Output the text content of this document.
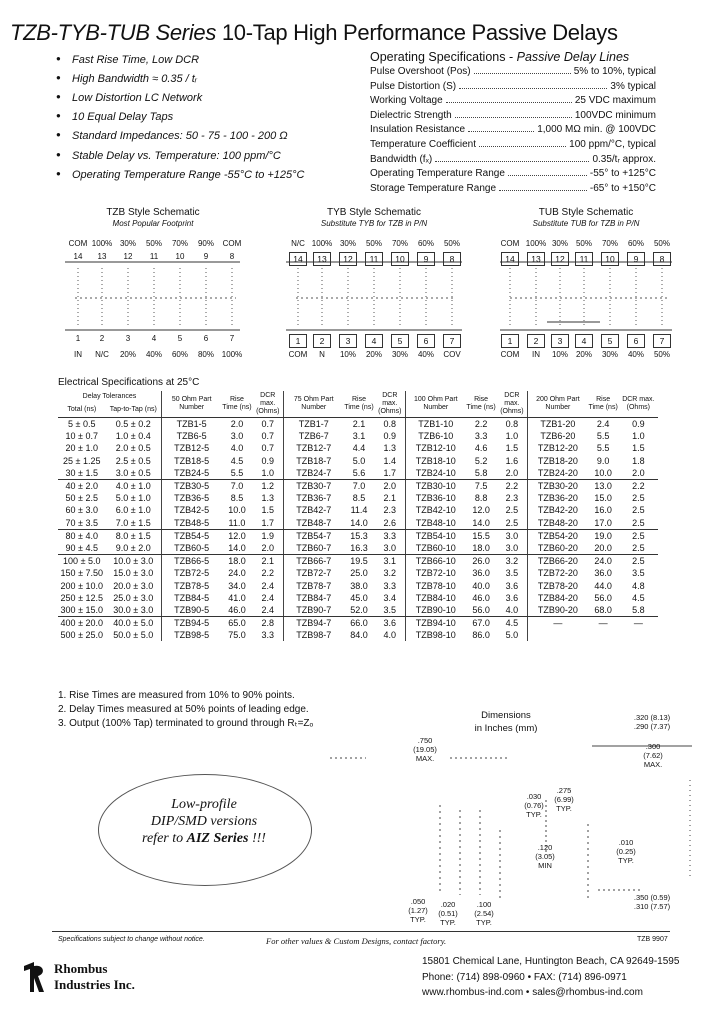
TZB-TYB-TUB Series 10-Tap High Performance Passive Delays
● Fast Rise Time, Low DCR
● High Bandwidth ≈ 0.35 / tᵣ
● Low Distortion LC Network
● 10 Equal Delay Taps
● Standard Impedances: 50 - 75 - 100 - 200 Ω
● Stable Delay vs. Temperature: 100 ppm/°C
● Operating Temperature Range -55°C to +125°C
Operating Specifications - Passive Delay Lines
Pulse Overshoot (Pos)	5% to 10%, typical
Pulse Distortion (S)	3% typical
Working Voltage	25 VDC maximum
Dielectric Strength	100VDC minimum
Insulation Resistance	1,000 MΩ min. @ 100VDC
Temperature Coefficient	100 ppm/°C, typical
Bandwidth (fₓ)	0.35/tᵣ approx.
Operating Temperature Range	-55° to +125°C
Storage Temperature Range	-65° to +150°C
TZB Style Schematic
Most Popular Footprint
COM 100% 30%	50%	70%	90%	COM
14	13	12	11	10	9	8
1	2	3	4	5	6	7
IN	N/C	20%	40%	60%	80% 100%
TYB Style Schematic
Substitute TYB for TZB in P/N
N/C 100% 30%	50%	70%	60%	50%
14	13	12	11	10	9	8
1	2	3	4	5	6	7
COM	N	10%	20%	30%	40%	COV
TUB Style Schematic
Substitute TUB for TZB in P/N
COM 100% 30% 50%	70%	60%	50%
14	13	12	11	10	9	8
1	2	3	4	5	6	7
COM	IN	10% 20%	30%	40%	50%
Electrical Specifications at 25°C
Delay Tolerances		50 Ohm Part Number	Rise Time (ns)	DCR max. (Ohms)	75 Ohm Part Number	Rise Time (ns)	DCR max. (Ohms)	100 Ohm Part Number	Rise Time (ns)	DCR max. (Ohms)	200 Ohm Part Number	Rise Time (ns)	DCR max. (Ohms)
Total (ns)	Tap-to-Tap (ns)												
5 ± 0.5	0.5 ± 0.2	TZB1-5	2.0	0.7	TZB1-7	2.1	0.8	TZB1-10	2.2	0.8	TZB1-20	2.4	0.9
10 ± 0.7	1.0 ± 0.4	TZB6-5	3.0	0.7	TZB6-7	3.1	0.9	TZB6-10	3.3	1.0	TZB6-20	5.5	1.0
20 ± 1.0	2.0 ± 0.5	TZB12-5	4.0	0.7	TZB12-7	4.4	1.3	TZB12-10	4.6	1.5	TZB12-20	5.5	1.5
25 ± 1.25	2.5 ± 0.5	TZB18-5	4.5	0.9	TZB18-7	5.0	1.4	TZB18-10	5.2	1.6	TZB18-20	9.0	1.8
30 ± 1.5	3.0 ± 0.5	TZB24-5	5.5	1.0	TZB24-7	5.6	1.7	TZB24-10	5.8	2.0	TZB24-20	10.0	2.0
40 ± 2.0	4.0 ± 1.0	TZB30-5	7.0	1.2	TZB30-7	7.0	2.0	TZB30-10	7.5	2.2	TZB30-20	13.0	2.2
50 ± 2.5	5.0 ± 1.0	TZB36-5	8.5	1.3	TZB36-7	8.5	2.1	TZB36-10	8.8	2.3	TZB36-20	15.0	2.5
60 ± 3.0	6.0 ± 1.0	TZB42-5	10.0	1.5	TZB42-7	11.4	2.3	TZB42-10	12.0	2.5	TZB42-20	16.0	2.5
70 ± 3.5	7.0 ± 1.5	TZB48-5	11.0	1.7	TZB48-7	14.0	2.6	TZB48-10	14.0	2.5	TZB48-20	17.0	2.5
80 ± 4.0	8.0 ± 1.5	TZB54-5	12.0	1.9	TZB54-7	15.3	3.3	TZB54-10	15.5	3.0	TZB54-20	19.0	2.5
90 ± 4.5	9.0 ± 2.0	TZB60-5	14.0	2.0	TZB60-7	16.3	3.0	TZB60-10	18.0	3.0	TZB60-20	20.0	2.5
100 ± 5.0	10.0 ± 3.0	TZB66-5	18.0	2.1	TZB66-7	19.5	3.1	TZB66-10	26.0	3.2	TZB66-20	24.0	2.5
150 ± 7.50	15.0 ± 3.0	TZB72-5	24.0	2.2	TZB72-7	25.0	3.2	TZB72-10	36.0	3.5	TZB72-20	36.0	3.5
200 ± 10.0	20.0 ± 3.0	TZB78-5	34.0	2.4	TZB78-7	38.0	3.3	TZB78-10	40.0	3.6	TZB78-20	44.0	4.8
250 ± 12.5	25.0 ± 3.0	TZB84-5	41.0	2.4	TZB84-7	45.0	3.4	TZB84-10	46.0	3.6	TZB84-20	56.0	4.5
300 ± 15.0	30.0 ± 3.0	TZB90-5	46.0	2.4	TZB90-7	52.0	3.5	TZB90-10	56.0	4.0	TZB90-20	68.0	5.8
400 ± 20.0	40.0 ± 5.0	TZB94-5	65.0	2.8	TZB94-7	66.0	3.6	TZB94-10	67.0	4.5	—	—	—
500 ± 25.0	50.0 ± 5.0	TZB98-5	75.0	3.3	TZB98-7	84.0	4.0	TZB98-10	86.0	5.0			
1. Rise Times are measured from 10% to 90% points.
2. Delay Times measured at 50% points of leading edge.
3. Output (100% Tap) terminated to ground through Rₜ=Zₒ
Dimensions
in Inches (mm)
.750
(19.05)
MAX.
.320 (8.13)
.290 (7.37)
.300
(7.62)
MAX.
.030
(0.76)
TYP.
.275
(6.99)
TYP.
.120
(3.05)
MIN
.010
(0.25)
TYP.
.050
(1.27)
TYP.
.020
(0.51)
TYP.
.100
(2.54)
TYP.
.350 (0.59)
.310 (7.57)
Low-profile
DIP/SMD versions
refer to AIZ Series !!!
Specifications subject to change without notice.	For other values & Custom Designs, contact factory.	TZB 9907
Rhombus
Industries Inc.
15801 Chemical Lane, Huntington Beach, CA 92649-1595
Phone: (714) 898-0960 • FAX: (714) 896-0971
www.rhombus-ind.com • sales@rhombus-ind.com
